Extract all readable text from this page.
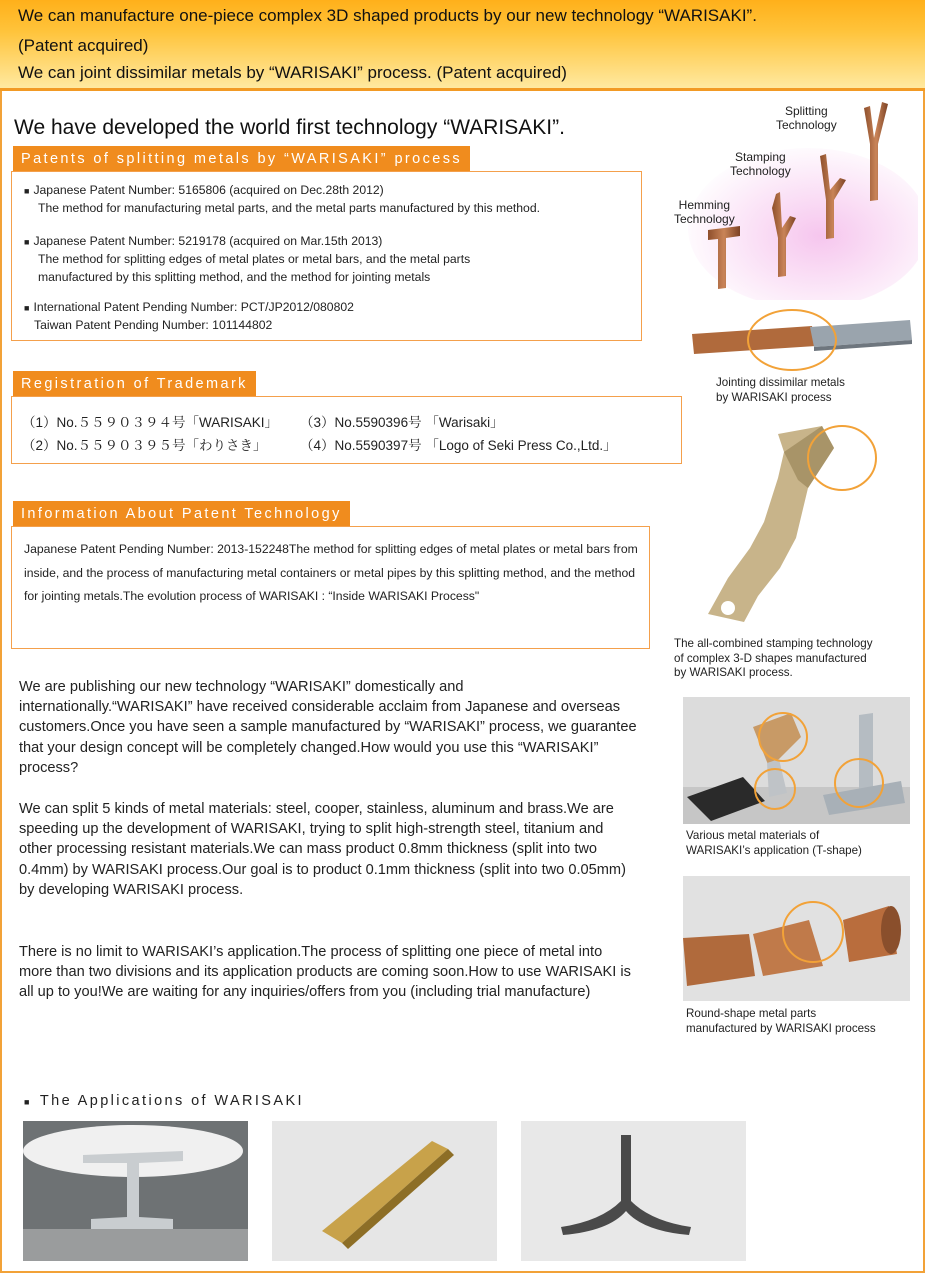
We can manufacture one-piece complex 3D shaped products by our new technology “WARISAKI”.
(Patent acquired)
We can joint dissimilar metals by “WARISAKI” process. (Patent acquired)
We have developed the world first technology “WARISAKI”.
Patents of splitting metals by “WARISAKI” process
■ Japanese Patent Number: 5165806 (acquired on Dec.28th 2012)
The method for manufacturing metal parts, and the metal parts manufactured by this method.
■ Japanese Patent Number: 5219178 (acquired on Mar.15th 2013)
The method for splitting edges of metal plates or metal bars, and the metal parts
manufactured by this splitting method, and the method for jointing metals
■ International Patent Pending Number: PCT/JP2012/080802
Taiwan Patent Pending Number: 101144802
Registration of Trademark
（1）No.５５９０３９４号「WARISAKI」 （3）No.5590396号 「Warisaki」
（2）No.５５９０３９５号「わりさき」 （4）No.5590397号 「Logo of Seki Press Co.,Ltd.」
Information About Patent Technology
Japanese Patent Pending Number: 2013-152248The method for splitting edges of metal plates or metal bars from inside, and the process of manufacturing metal containers or metal pipes by this splitting method, and the method for jointing metals.The evolution process of WARISAKI : “Inside WARISAKI Process"
We are publishing our new technology “WARISAKI” domestically and internationally.“WARISAKI” have received considerable acclaim from Japanese and overseas customers.Once you have seen a sample manufactured by “WARISAKI” process, we guarantee that your design concept will be completely changed.How would you use this “WARISAKI” process?
We can split 5 kinds of metal materials: steel, cooper, stainless, aluminum and brass.We are speeding up the development of WARISAKI, trying to split high-strength steel, titanium and other processing resistant materials.We can mass product 0.8mm thickness (split into two 0.4mm) by WARISAKI process.Our goal is to product 0.1mm thickness (split into two 0.05mm) by developing WARISAKI process.
There is no limit to WARISAKI’s application.The process of splitting one piece of metal into more than two divisions and its application products are coming soon.How to use WARISAKI is all up to you!We are waiting for any inquiries/offers from you (including trial manufacture)
Splitting
Technology
Stamping
Technology
Hemming
Technology
Jointing dissimilar metals
by WARISAKI process
The all-combined stamping technology
of complex 3-D shapes manufactured
by WARISAKI process.
Various metal materials of
WARISAKI’s application (T-shape)
Round-shape metal parts
manufactured by WARISAKI process
■ The Applications of WARISAKI
